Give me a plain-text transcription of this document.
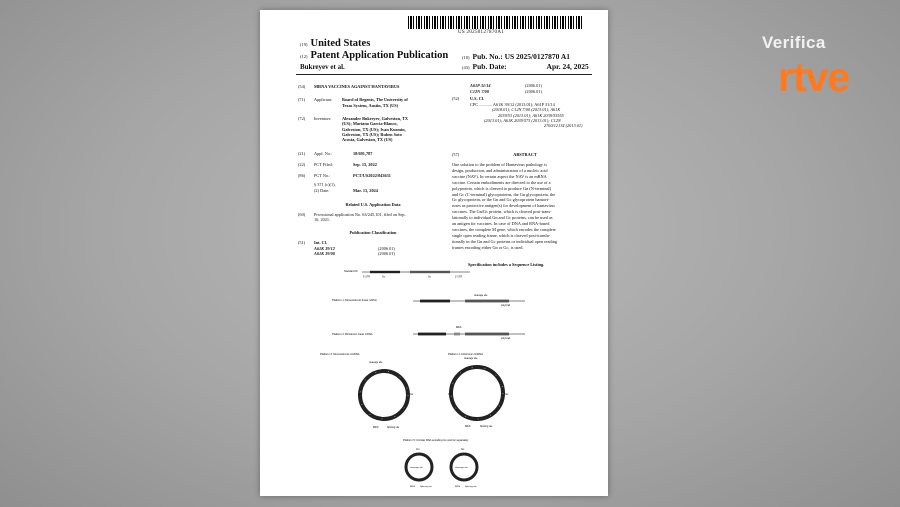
Verifica
rtve
US 20250127870A1
(19) United States
(12) Patent Application Publication
Bukreyev et al.
(10) Pub. No.: US 2025/0127870 A1
(43) Pub. Date:	Apr. 24, 2025
(54) MRNA VACCINES AGAINST HANTAVIRUS
(71) Applicant: Board of Regents, The University of
Texas System, Austin, TX (US)
(72) Inventors: Alexander Bukreyev, Galveston, TX
(US); Mariano Garcia-Blanco,
Galveston, TX (US); Ivan Kuzmin,
Galveston, TX (US); Ruben Soto
Acosta, Galveston, TX (US)
(21) Appl. No.:	18/691,787
(22) PCT Filed:	Sep. 15, 2022
(86) PCT No.:	PCT/US2022/043631
§ 371 (c)(1),
(2) Date:	Mar. 13, 2024
Related U.S. Application Data
(60) Provisional application No. 63/245,101, filed on Sep.
16, 2021.
Publication Classification
(51) Int. Cl.
A61K 39/12	(2006.01)
A61K 39/00	(2006.01)
A61P 31/14	(2006.01)
C12N 7/00	(2006.01)
(52)	U.S. Cl.
CPC ............ A61K 39/12 (2013.01); A61P 31/14
(2018.01); C12N 7/00 (2013.01); A61K
2039/53 (2013.01); A61K 2039/55555
(2013.01); A61K 2039/575 (2013.01); C12N
2760/12134 (2013.01)
(57)	ABSTRACT
One solution to the problem of Hantavirus pathology is
design, production, and administration of a nucleic acid
vaccine (NAV). In certain aspect the NAV is an mRNA
vaccine. Certain embodiments are directed to the use of a
polyprotein, which is cleaved to produce Gn (N-terminal)
and Gc (C-terminal) glycoproteins, the Gn glycoprotein, the
Gc glycoprotein, or the Gn and Gc glycoprotein hantavi-
ruses as protective antigen(s) for development of hantavirus
vaccines. The Gn/Gc protein, which is cleaved post-trans-
lationally to individual Gn and Gc proteins, can be used as
an antigen for vaccines. In case of DNA and RNA-based
vaccines, the complete M gene, which encodes the complete
single open reading frame, which is cleaved post-transla-
tionally in the Gn and Gc proteins or individual open reading
frames encoding either Gn or Gc, is used.
Specification includes a Sequence Listing.
Standard M
5' UTR	Gn	Gc	3' UTR
Platform 1: Monocistronic linear mRNA
cleavage site
polyA tail
Platform 2: Bicistronic linear mRNA
IRES
polyA tail
Platform 3: Monocistronic circRNA
cleavage site
Gn	Gc
IRES	Splicing site
Platform 4: bicistronic circRNA
cleavage site
Gn	Gc
IRES	Splicing site
Platform 5: Circular RNA encoding Gn and Gc separately
Gn	Gc
cleavage site	cleavage site
IRES Splicing site	IRES Splicing site
